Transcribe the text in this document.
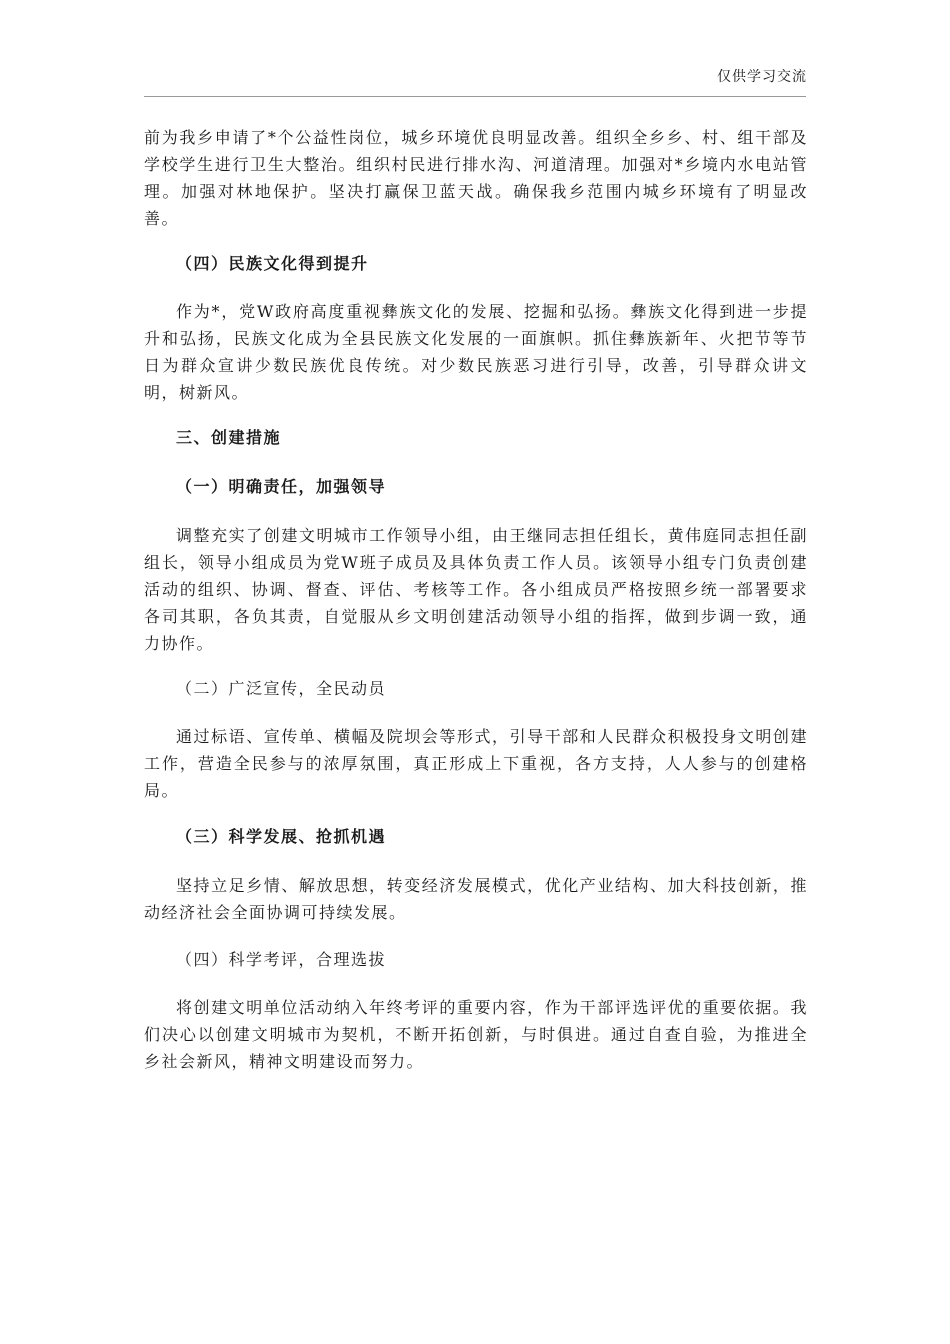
仅供学习交流
前为我乡申请了*个公益性岗位，城乡环境优良明显改善。组织全乡乡、村、组干部及学校学生进行卫生大整治。组织村民进行排水沟、河道清理。加强对*乡境内水电站管理。加强对林地保护。坚决打赢保卫蓝天战。确保我乡范围内城乡环境有了明显改善。
（四）民族文化得到提升
作为*，党W政府高度重视彝族文化的发展、挖掘和弘扬。彝族文化得到进一步提升和弘扬，民族文化成为全县民族文化发展的一面旗帜。抓住彝族新年、火把节等节日为群众宣讲少数民族优良传统。对少数民族恶习进行引导，改善，引导群众讲文明，树新风。
三、创建措施
（一）明确责任，加强领导
调整充实了创建文明城市工作领导小组，由王继同志担任组长，黄伟庭同志担任副组长，领导小组成员为党W班子成员及具体负责工作人员。该领导小组专门负责创建活动的组织、协调、督查、评估、考核等工作。各小组成员严格按照乡统一部署要求各司其职，各负其责，自觉服从乡文明创建活动领导小组的指挥，做到步调一致，通力协作。
（二）广泛宣传，全民动员
通过标语、宣传单、横幅及院坝会等形式，引导干部和人民群众积极投身文明创建工作，营造全民参与的浓厚氛围，真正形成上下重视，各方支持，人人参与的创建格局。
（三）科学发展、抢抓机遇
坚持立足乡情、解放思想，转变经济发展模式，优化产业结构、加大科技创新，推动经济社会全面协调可持续发展。
（四）科学考评，合理选拔
将创建文明单位活动纳入年终考评的重要内容，作为干部评选评优的重要依据。我们决心以创建文明城市为契机，不断开拓创新，与时俱进。通过自查自验，为推进全乡社会新风，精神文明建设而努力。
